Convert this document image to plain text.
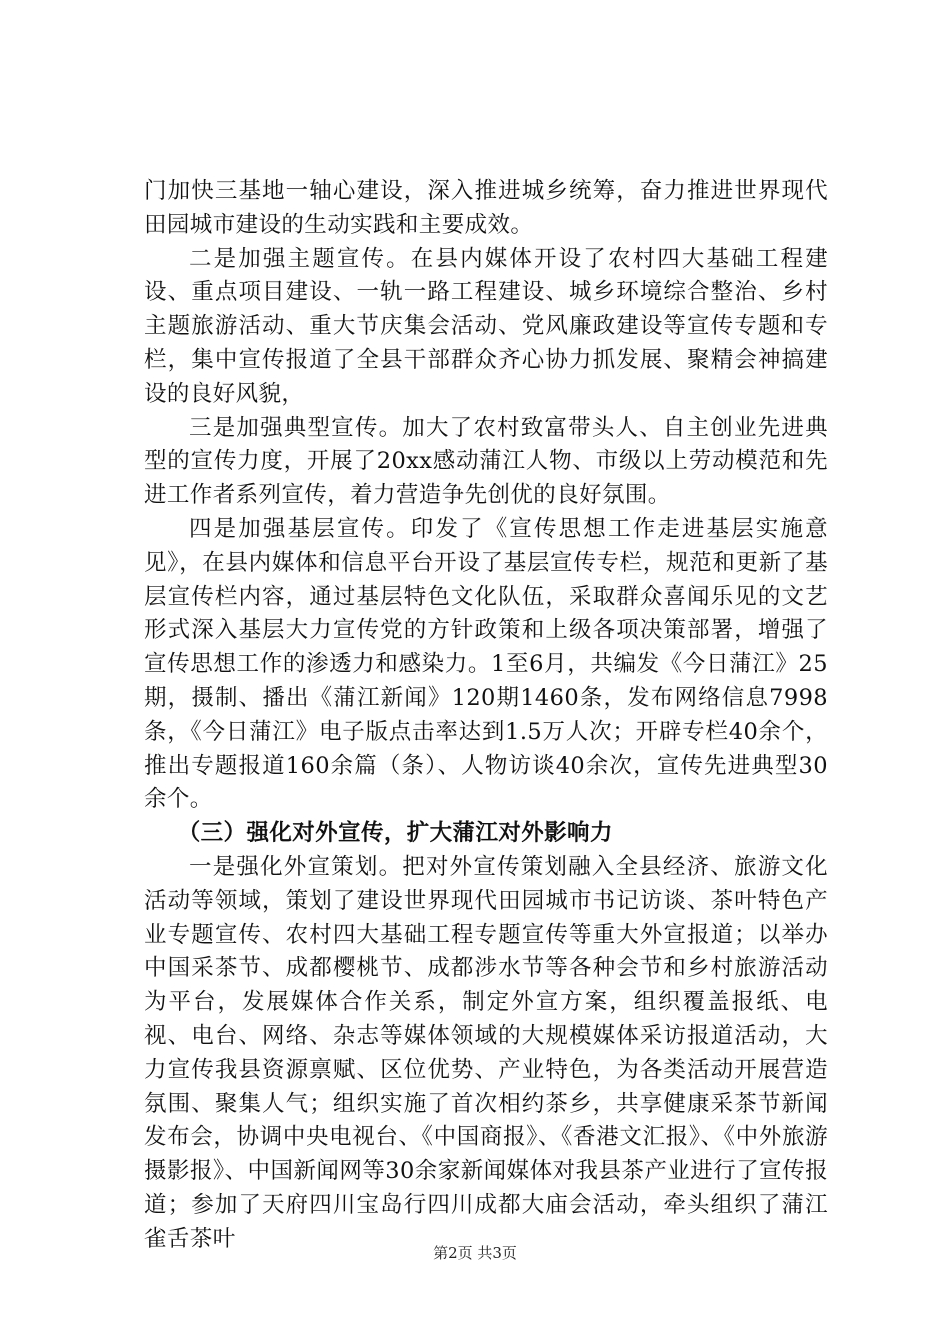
门加快三基地一轴心建设，深入推进城乡统筹，奋力推进世界现代田园城市建设的生动实践和主要成效。

二是加强主题宣传。在县内媒体开设了农村四大基础工程建设、重点项目建设、一轨一路工程建设、城乡环境综合整治、乡村主题旅游活动、重大节庆集会活动、党风廉政建设等宣传专题和专栏，集中宣传报道了全县干部群众齐心协力抓发展、聚精会神搞建设的良好风貌，

三是加强典型宣传。加大了农村致富带头人、自主创业先进典型的宣传力度，开展了20xx感动蒲江人物、市级以上劳动模范和先进工作者系列宣传，着力营造争先创优的良好氛围。

四是加强基层宣传。印发了《宣传思想工作走进基层实施意见》，在县内媒体和信息平台开设了基层宣传专栏，规范和更新了基层宣传栏内容，通过基层特色文化队伍，采取群众喜闻乐见的文艺形式深入基层大力宣传党的方针政策和上级各项决策部署，增强了宣传思想工作的渗透力和感染力。1至6月，共编发《今日蒲江》25期，摄制、播出《蒲江新闻》120期1460条，发布网络信息7998条，《今日蒲江》电子版点击率达到1.5万人次；开辟专栏40余个，推出专题报道160余篇（条）、人物访谈40余次，宣传先进典型30余个。

（三）强化对外宣传，扩大蒲江对外影响力

一是强化外宣策划。把对外宣传策划融入全县经济、旅游文化活动等领域，策划了建设世界现代田园城市书记访谈、茶叶特色产业专题宣传、农村四大基础工程专题宣传等重大外宣报道；以举办中国采茶节、成都樱桃节、成都涉水节等各种会节和乡村旅游活动为平台，发展媒体合作关系，制定外宣方案，组织覆盖报纸、电视、电台、网络、杂志等媒体领域的大规模媒体采访报道活动，大力宣传我县资源禀赋、区位优势、产业特色，为各类活动开展营造氛围、聚集人气；组织实施了首次相约茶乡，共享健康采茶节新闻发布会，协调中央电视台、《中国商报》、《香港文汇报》、《中外旅游摄影报》、中国新闻网等30余家新闻媒体对我县茶产业进行了宣传报道；参加了天府四川宝岛行四川成都大庙会活动，牵头组织了蒲江雀舌茶叶

第2页 共3页
